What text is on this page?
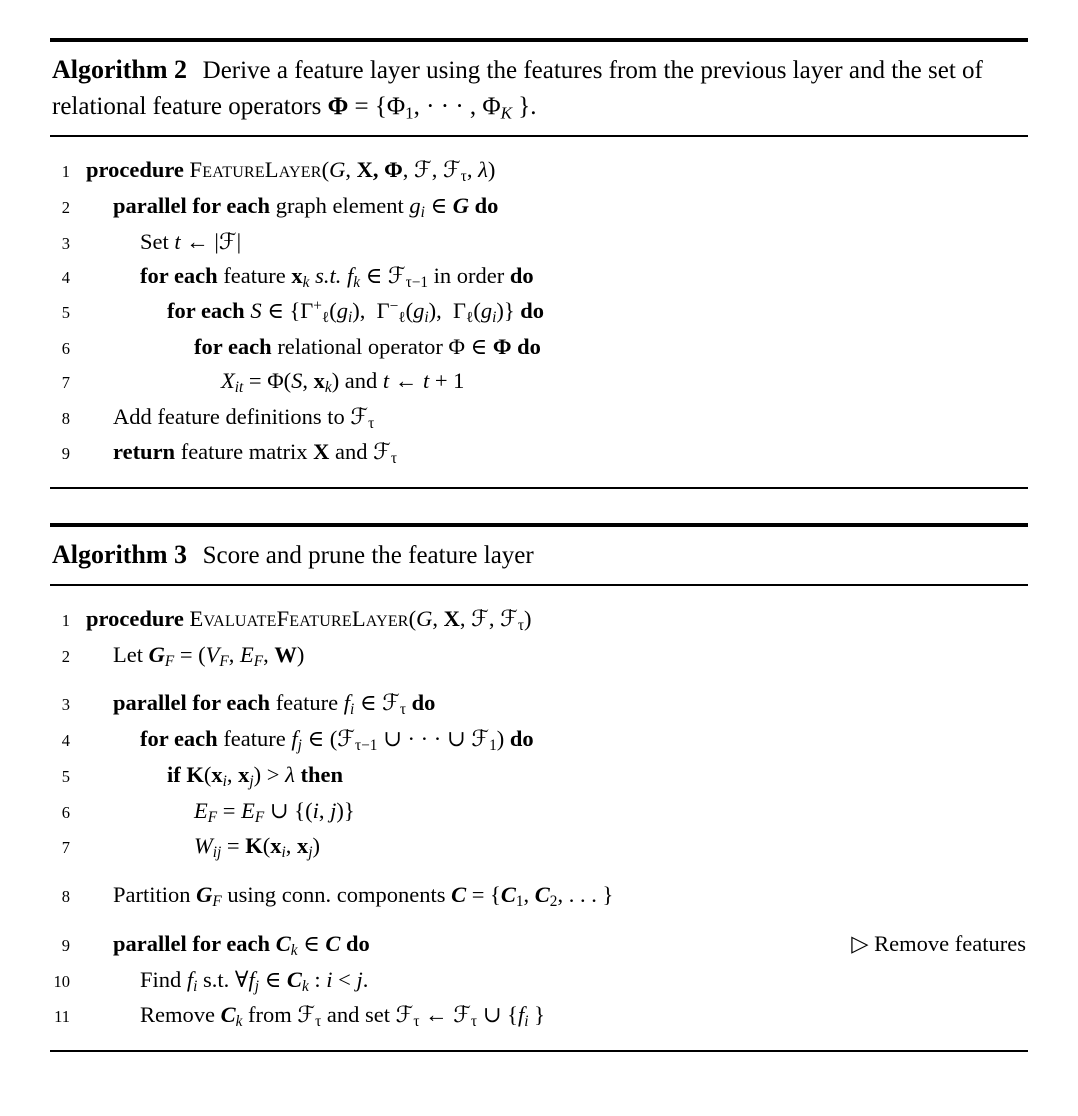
Algorithm 2 Derive a feature layer using the features from the previous layer and the set of relational feature operators Φ = {Φ1, · · · , ΦK }.
1 procedure FeatureLayer(G, X, Φ, ℱ, ℱτ, λ)
2	parallel for each graph element gi ∈ G do
3	Set t ← |ℱ|
4	for each feature xk s.t. fk ∈ ℱτ−1 in order do
5	for each S ∈ {Γ+ℓ(gi),  Γ−ℓ(gi),  Γℓ(gi)} do
6	for each relational operator Φ ∈ Φ do
7	Xit = Φ(S, xk) and t ← t + 1
8	Add feature definitions to ℱτ
9	return feature matrix X and ℱτ
Algorithm 3 Score and prune the feature layer
1 procedure EvaluateFeatureLayer(G, X, ℱ, ℱτ)
2	Let GF = (VF, EF, W)
3	parallel for each feature fi ∈ ℱτ do
4	for each feature fj ∈ (ℱτ−1 ∪ · · · ∪ ℱ1) do
5	if K(xi, xj) > λ then
6	EF = EF ∪ {(i, j)}
7	Wij = K(xi, xj)
8	Partition GF using conn. components C = {C1, C2, . . . }
9	parallel for each Ck ∈ C do	▷ Remove features
10	Find fi s.t. ∀fj ∈ Ck : i < j.
11	Remove Ck from ℱτ and set ℱτ ← ℱτ ∪ {fi }
